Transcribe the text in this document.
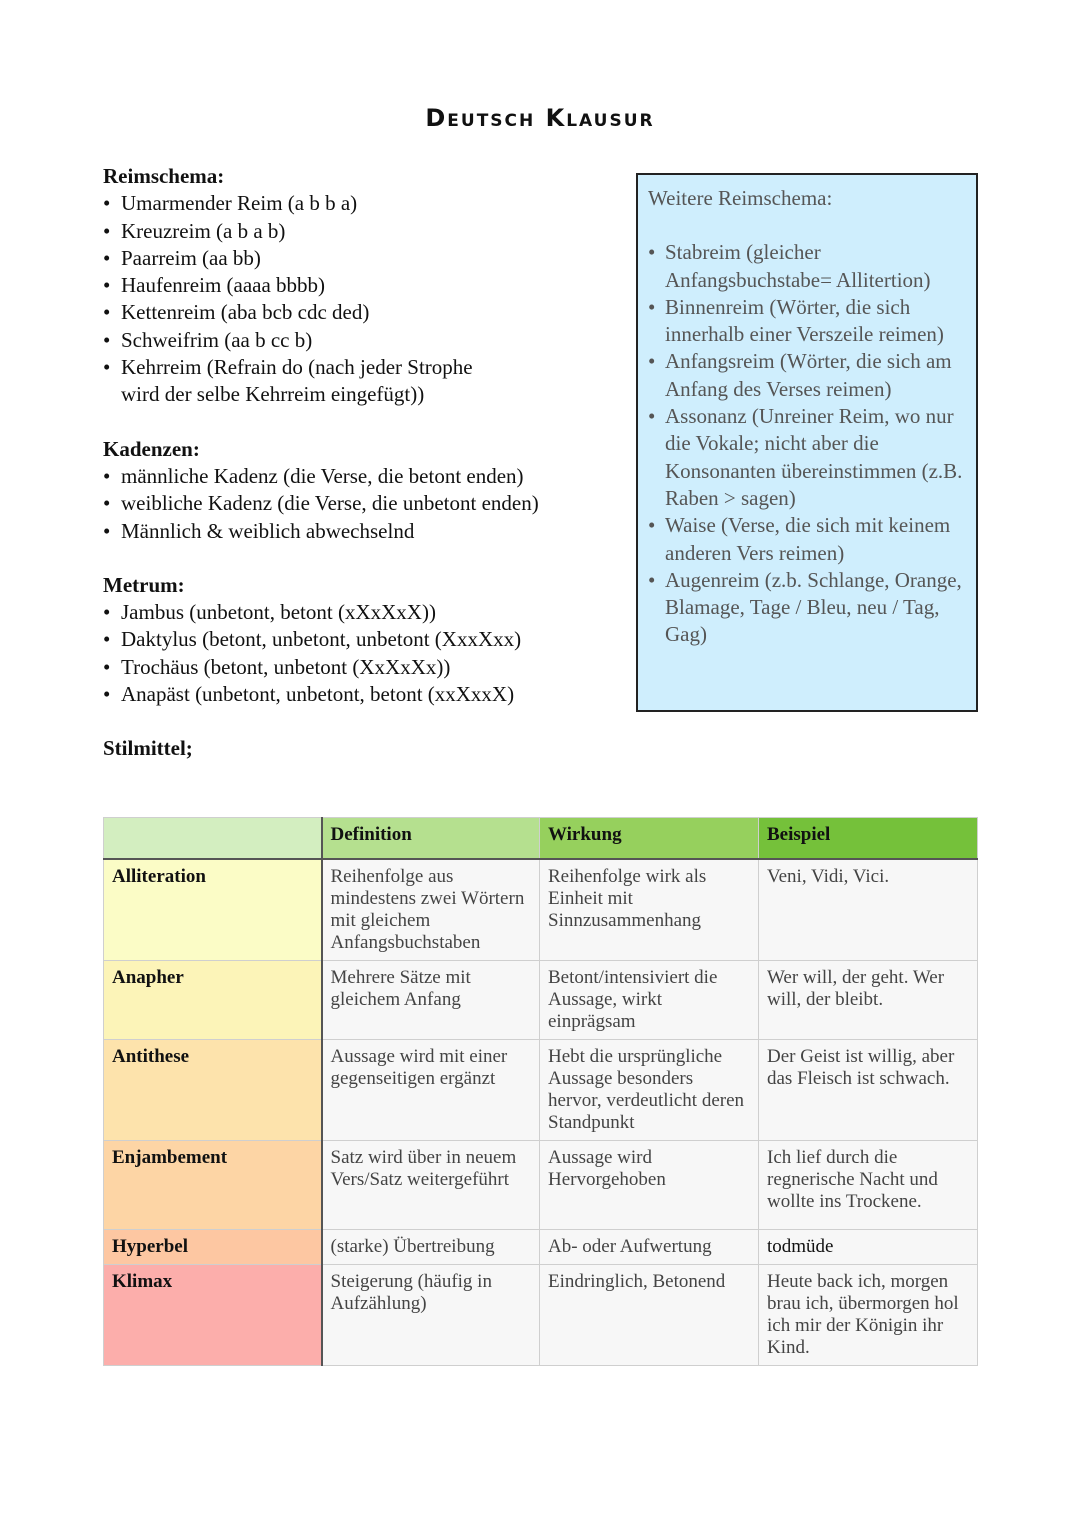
Deutsch Klausur

Reimschema:

• Umarmender Reim (a b b a)
• Kreuzreim (a b a b)
• Paarreim (aa bb)
• Haufenreim (aaaa bbbb)
• Kettenreim (aba bcb cdc ded)
• Schweifrim (aa b cc b)
• Kehrreim (Refrain do (nach jeder Strophe wird der selbe Kehrreim eingefügt))

Kadenzen:

• männliche Kadenz (die Verse, die betont enden)
• weibliche Kadenz (die Verse, die unbetont enden)
• Männlich & weiblich abwechselnd

Metrum:

• Jambus (unbetont, betont (xXxXxX))
• Daktylus (betont, unbetont, unbetont (XxxXxx)
• Trochäus (betont, unbetont (XxXxXx))
• Anapäst (unbetont, unbetont, betont (xxXxxX)

Stilmittel;

Weitere Reimschema:

• Stabreim (gleicher Anfangsbuchstabe= Allitertion)
• Binnenreim (Wörter, die sich innerhalb einer Verszeile reimen)
• Anfangsreim (Wörter, die sich am Anfang des Verses reimen)
• Assonanz (Unreiner Reim, wo nur die Vokale; nicht aber die Konsonanten übereinstimmen (z.B. Raben > sagen)
• Waise (Verse, die sich mit keinem anderen Vers reimen)
• Augenreim (z.b. Schlange, Orange, Blamage, Tage / Bleu, neu / Tag, Gag)
	Definition	Wirkung	Beispiel
Alliteration	Reihenfolge aus mindestens zwei Wörtern mit gleichem Anfangsbuchstaben	Reihenfolge wirk als Einheit mit Sinnzusammenhang	Veni, Vidi, Vici.
Anapher	Mehrere Sätze mit gleichem Anfang	Betont/intensiviert die Aussage, wirkt einprägsam	Wer will, der geht. Wer will, der bleibt.
Antithese	Aussage wird mit einer gegenseitigen ergänzt	Hebt die ursprüngliche Aussage besonders hervor, verdeutlicht deren Standpunkt	Der Geist ist willig, aber das Fleisch ist schwach.
Enjambement	Satz wird über in neuem Vers/Satz weitergeführt	Aussage wird Hervorgehoben	Ich lief durch die regnerische Nacht und wollte ins Trockene.
Hyperbel	(starke) Übertreibung	Ab- oder Aufwertung	todmüde
Klimax	Steigerung (häufig in Aufzählung)	Eindringlich, Betonend	Heute back ich, morgen brau ich, übermorgen hol ich mir der Königin ihr Kind.
